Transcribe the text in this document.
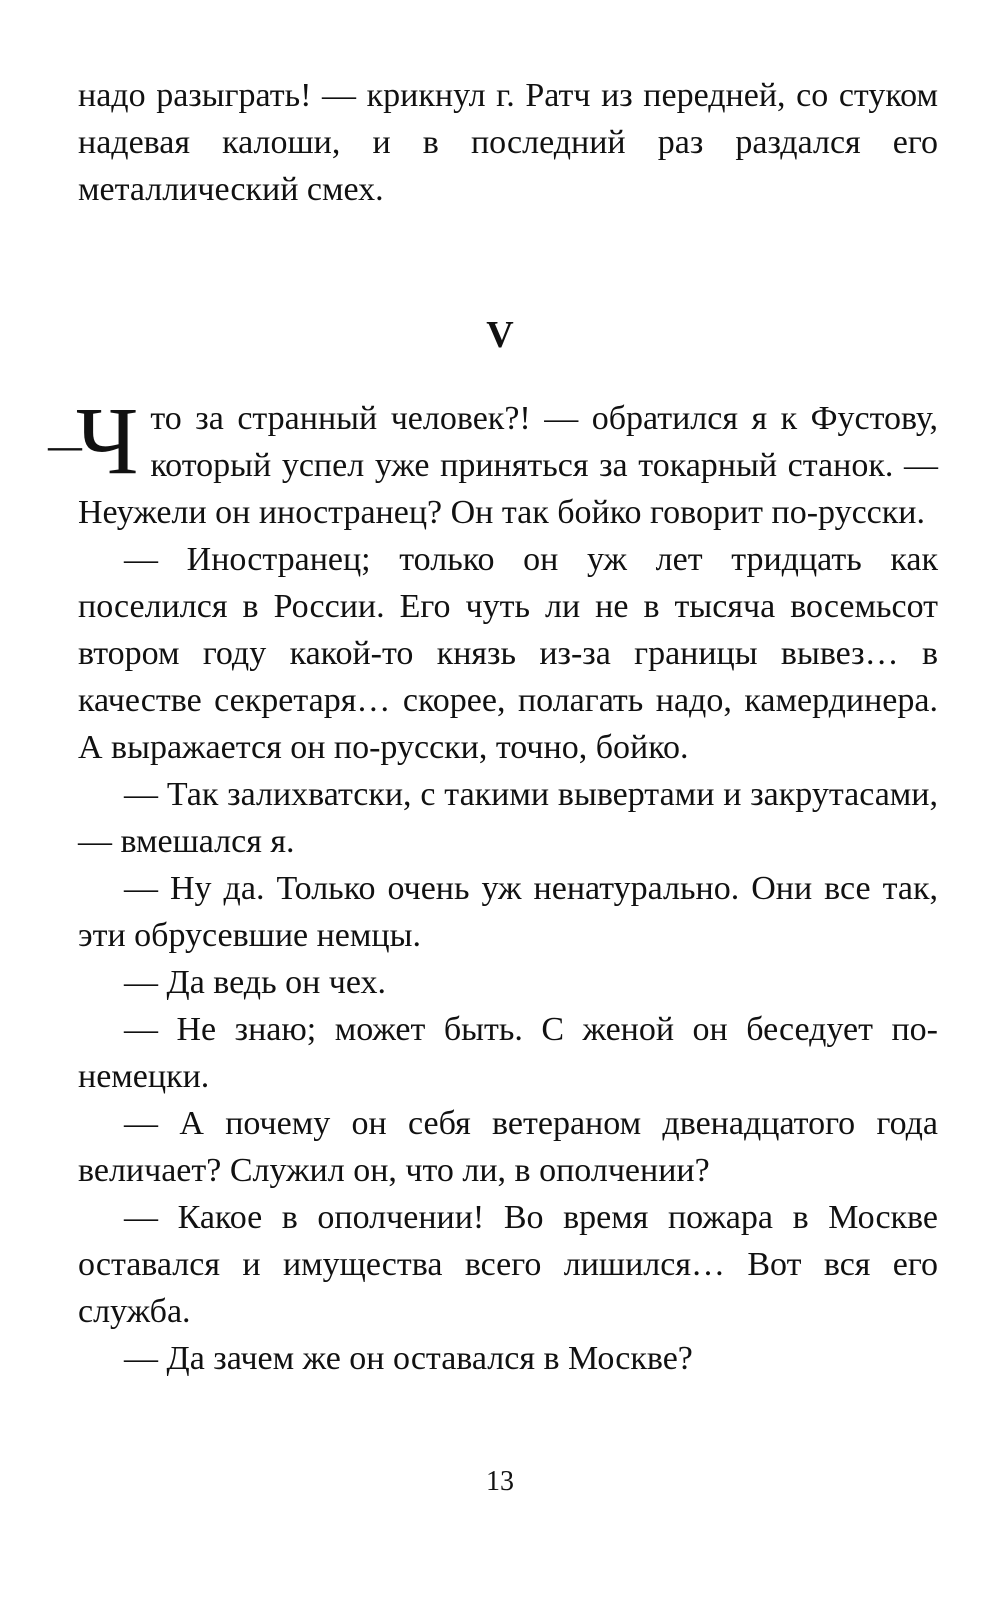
надо разыграть! — крикнул г. Ратч из передней, со стуком надевая калоши, и в последний раз раздался его металлический смех.

V

—
Ч то за странный человек?! — обратился я к Фустову, который успел уже приняться за токарный станок. — Неужели он иностранец? Он так бойко говорит по-русски.

— Иностранец; только он уж лет тридцать как поселился в России. Его чуть ли не в тысяча восемьсот втором году какой-то князь из-за границы вывез… в качестве секретаря… скорее, полагать надо, камердинера. А выражается он по-русски, точно, бойко.

— Так залихватски, с такими вывертами и закрутасами, — вмешался я.

— Ну да. Только очень уж ненатурально. Они все так, эти обрусевшие немцы.

— Да ведь он чех.

— Не знаю; может быть. С женой он беседует по-немецки.

— А почему он себя ветераном двенадцатого года величает? Служил он, что ли, в ополчении?

— Какое в ополчении! Во время пожара в Москве оставался и имущества всего лишился… Вот вся его служба.

— Да зачем же он оставался в Москве?

13
